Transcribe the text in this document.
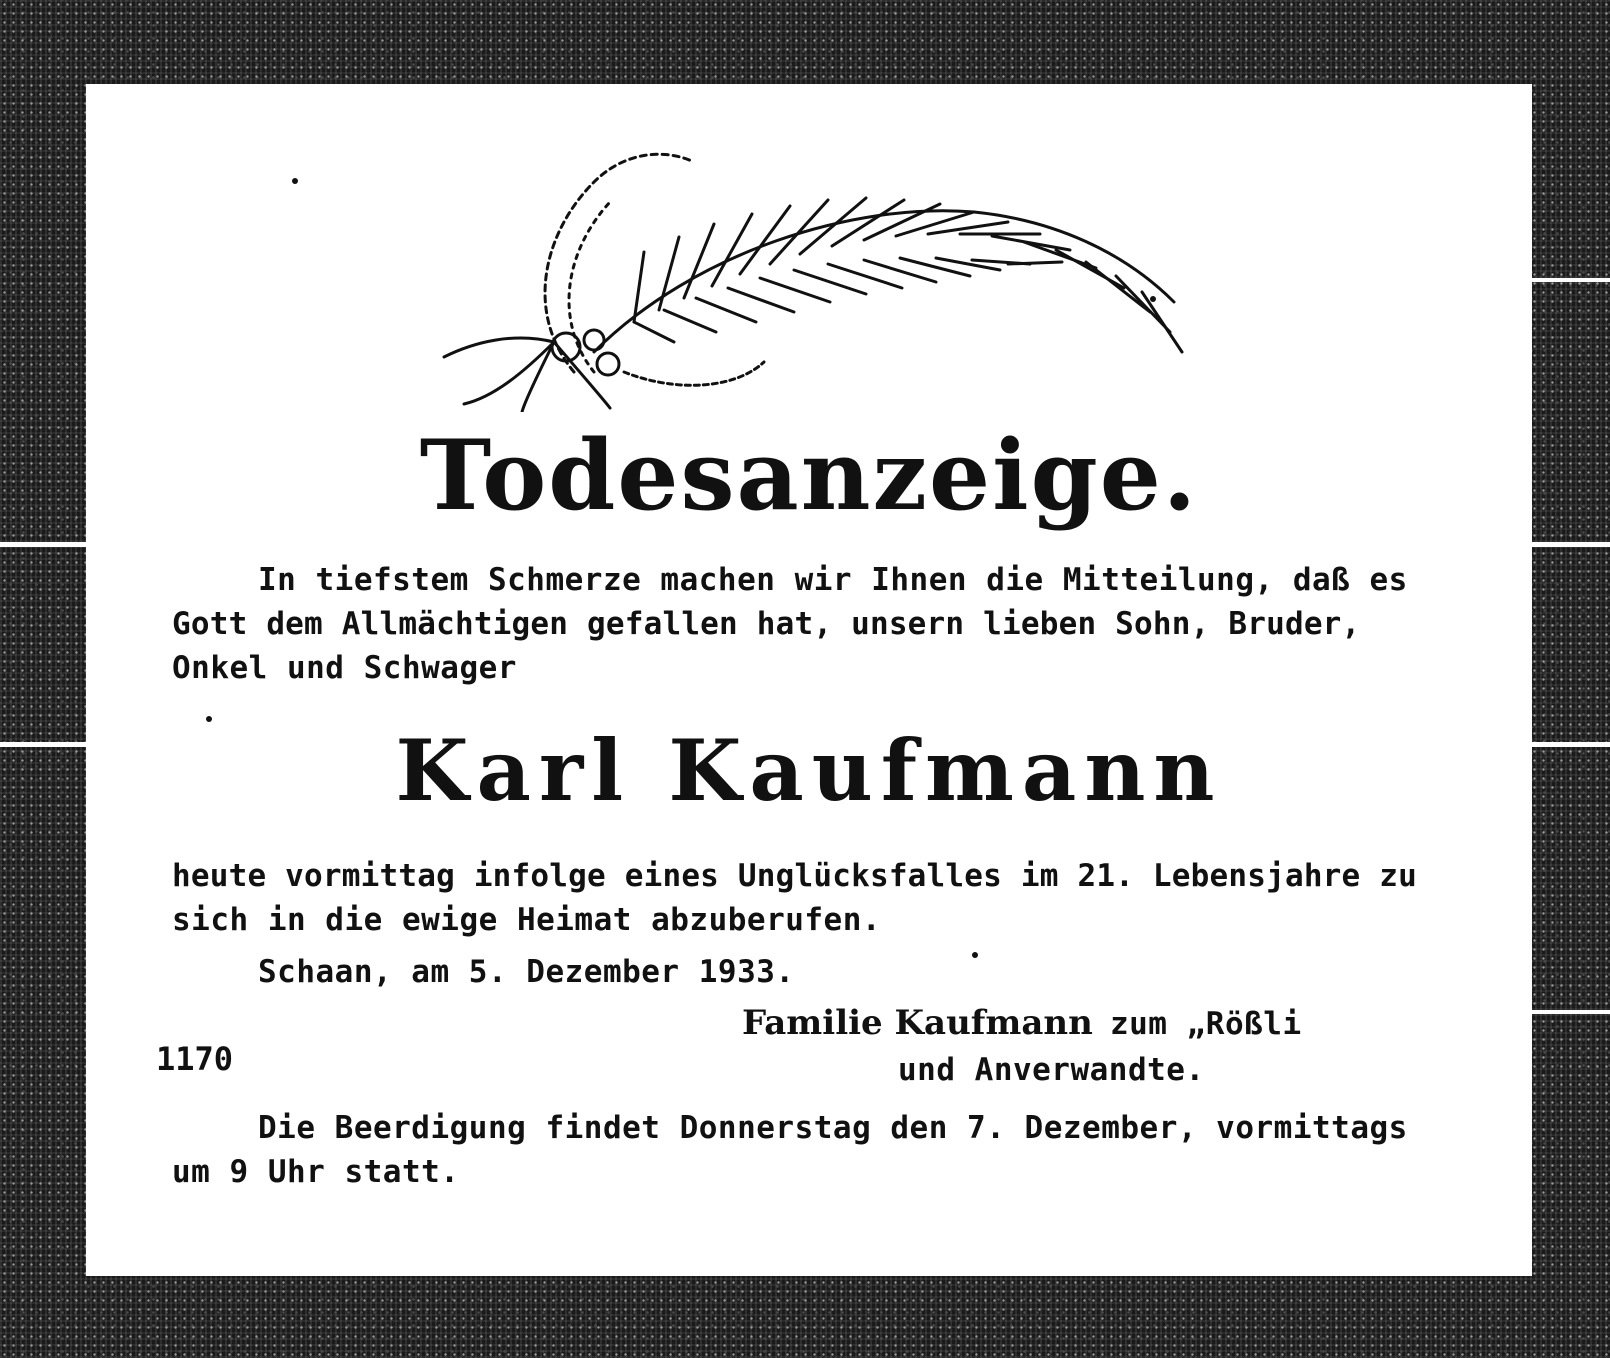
Todesanzeige.

In tiefstem Schmerze machen wir Ihnen die Mitteilung, daß es

Gott dem Allmächtigen gefallen hat, unsern lieben Sohn, Bruder,

Onkel und Schwager

Karl Kaufmann

heute vormittag infolge eines Unglücksfalles im 21. Lebensjahre zu

sich in die ewige Heimat abzuberufen.

Schaan, am 5. Dezember 1933.

Familie Kaufmann zum „Rößli

und Anverwandte.

1170

Die Beerdigung findet Donnerstag den 7. Dezember, vormittags

um 9 Uhr statt.
